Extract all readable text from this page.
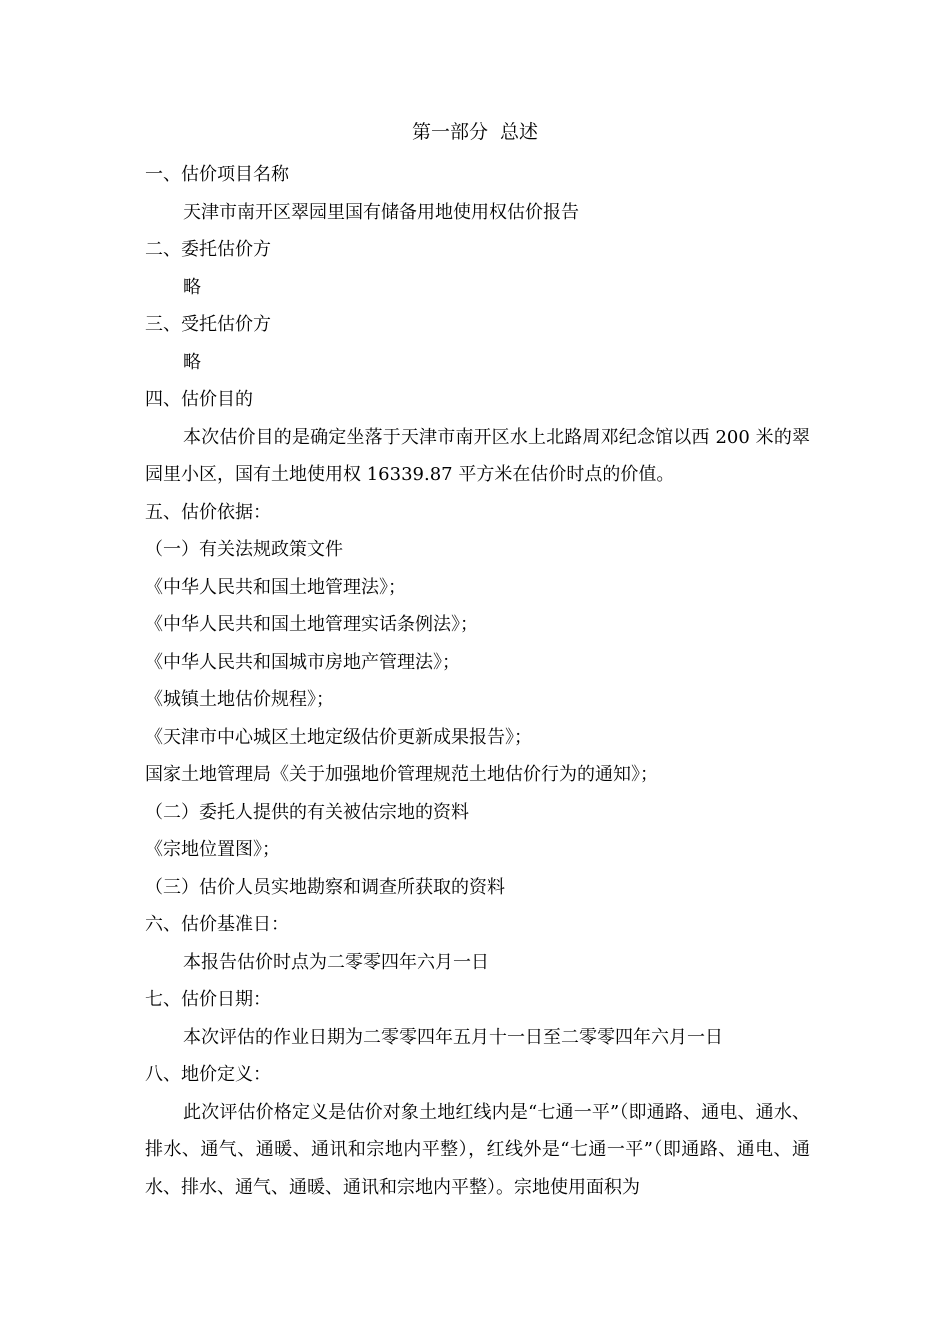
第一部分  总述
一、估价项目名称
天津市南开区翠园里国有储备用地使用权估价报告
二、委托估价方
略
三、受托估价方
略
四、估价目的
本次估价目的是确定坐落于天津市南开区水上北路周邓纪念馆以西 200 米的翠园里小区，国有土地使用权 16339.87 平方米在估价时点的价值。
五、估价依据：
（一）有关法规政策文件
《中华人民共和国土地管理法》；
《中华人民共和国土地管理实话条例法》；
《中华人民共和国城市房地产管理法》；
《城镇土地估价规程》；
《天津市中心城区土地定级估价更新成果报告》；
国家土地管理局《关于加强地价管理规范土地估价行为的通知》；
（二）委托人提供的有关被估宗地的资料
《宗地位置图》；
（三）估价人员实地勘察和调查所获取的资料
六、估价基准日：
本报告估价时点为二零零四年六月一日
七、估价日期：
本次评估的作业日期为二零零四年五月十一日至二零零四年六月一日
八、地价定义：
此次评估价格定义是估价对象土地红线内是“七通一平”（即通路、通电、通水、排水、通气、通暖、通讯和宗地内平整），红线外是“七通一平”（即通路、通电、通水、排水、通气、通暖、通讯和宗地内平整）。宗地使用面积为
